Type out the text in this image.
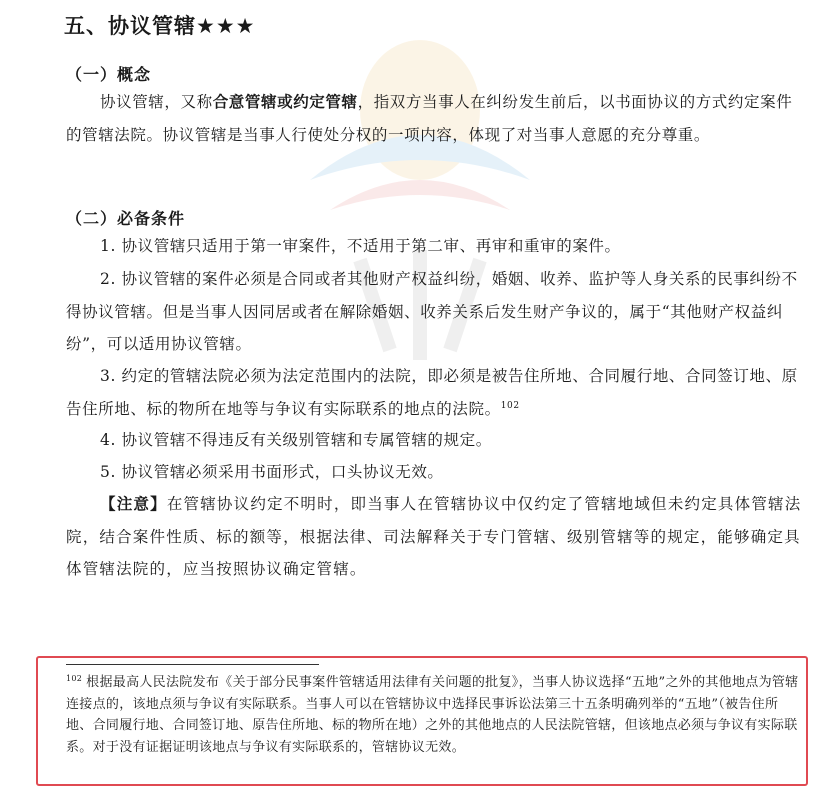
五、协议管辖★★★
（一）概念
协议管辖，又称合意管辖或约定管辖，指双方当事人在纠纷发生前后，以书面协议的方式约定案件的管辖法院。协议管辖是当事人行使处分权的一项内容，体现了对当事人意愿的充分尊重。
（二）必备条件
1. 协议管辖只适用于第一审案件，不适用于第二审、再审和重审的案件。
2. 协议管辖的案件必须是合同或者其他财产权益纠纷，婚姻、收养、监护等人身关系的民事纠纷不得协议管辖。但是当事人因同居或者在解除婚姻、收养关系后发生财产争议的，属于“其他财产权益纠纷”，可以适用协议管辖。
3. 约定的管辖法院必须为法定范围内的法院，即必须是被告住所地、合同履行地、合同签订地、原告住所地、标的物所在地等与争议有实际联系的地点的法院。$^{102}$
4. 协议管辖不得违反有关级别管辖和专属管辖的规定。
5. 协议管辖必须采用书面形式，口头协议无效。
【注意】在管辖协议约定不明时，即当事人在管辖协议中仅约定了管辖地域但未约定具体管辖法院，结合案件性质、标的额等，根据法律、司法解释关于专门管辖、级别管辖等的规定，能够确定具体管辖法院的，应当按照协议确定管辖。
$^{102}$ 根据最高人民法院发布《关于部分民事案件管辖适用法律有关问题的批复》，当事人协议选择“五地”之外的其他地点为管辖连接点的，该地点须与争议有实际联系。当事人可以在管辖协议中选择民事诉讼法第三十五条明确列举的“五地”（被告住所地、合同履行地、合同签订地、原告住所地、标的物所在地）之外的其他地点的人民法院管辖，但该地点必须与争议有实际联系。对于没有证据证明该地点与争议有实际联系的，管辖协议无效。
